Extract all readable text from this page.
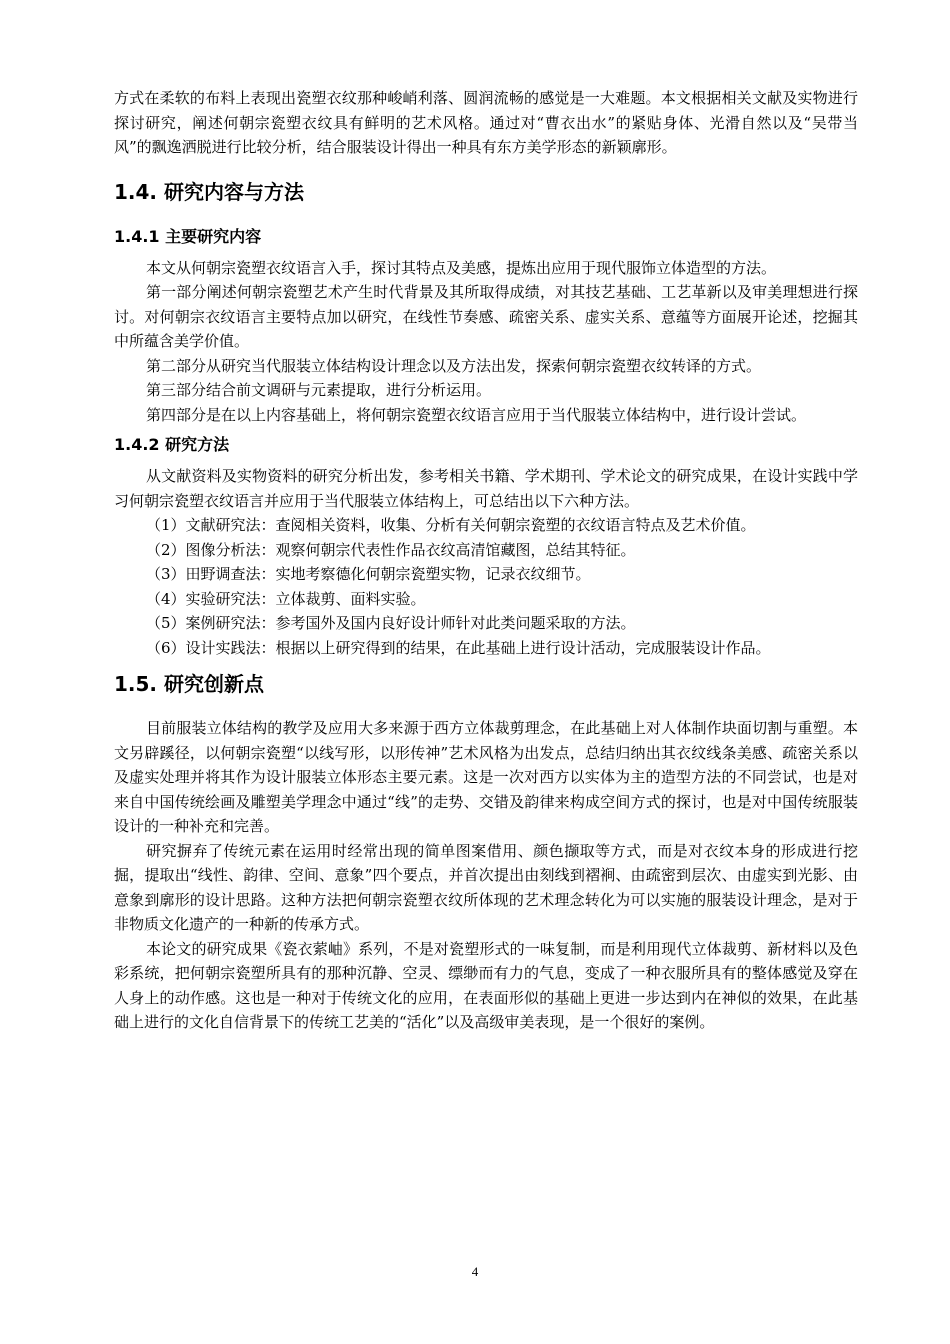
方式在柔软的布料上表现出瓷塑衣纹那种峻峭利落、圆润流畅的感觉是一大难题。本文根据相关文献及实物进行探讨研究，阐述何朝宗瓷塑衣纹具有鲜明的艺术风格。通过对“曹衣出水”的紧贴身体、光滑自然以及“吴带当风”的飘逸洒脱进行比较分析，结合服装设计得出一种具有东方美学形态的新颖廓形。

1.4. 研究内容与方法
1.4.1 主要研究内容

本文从何朝宗瓷塑衣纹语言入手，探讨其特点及美感，提炼出应用于现代服饰立体造型的方法。

第一部分阐述何朝宗瓷塑艺术产生时代背景及其所取得成绩，对其技艺基础、工艺革新以及审美理想进行探讨。对何朝宗衣纹语言主要特点加以研究，在线性节奏感、疏密关系、虚实关系、意蕴等方面展开论述，挖掘其中所蕴含美学价值。

第二部分从研究当代服装立体结构设计理念以及方法出发，探索何朝宗瓷塑衣纹转译的方式。

第三部分结合前文调研与元素提取，进行分析运用。

第四部分是在以上内容基础上，将何朝宗瓷塑衣纹语言应用于当代服装立体结构中，进行设计尝试。

1.4.2 研究方法

从文献资料及实物资料的研究分析出发，参考相关书籍、学术期刊、学术论文的研究成果，在设计实践中学习何朝宗瓷塑衣纹语言并应用于当代服装立体结构上，可总结出以下六种方法。

（1）文献研究法：查阅相关资料，收集、分析有关何朝宗瓷塑的衣纹语言特点及艺术价值。

（2）图像分析法：观察何朝宗代表性作品衣纹高清馆藏图，总结其特征。

（3）田野调查法：实地考察德化何朝宗瓷塑实物，记录衣纹细节。

（4）实验研究法：立体裁剪、面料实验。

（5）案例研究法：参考国外及国内良好设计师针对此类问题采取的方法。

（6）设计实践法：根据以上研究得到的结果，在此基础上进行设计活动，完成服装设计作品。

1.5. 研究创新点

目前服装立体结构的教学及应用大多来源于西方立体裁剪理念，在此基础上对人体制作块面切割与重塑。本文另辟蹊径，以何朝宗瓷塑“以线写形，以形传神”艺术风格为出发点，总结归纳出其衣纹线条美感、疏密关系以及虚实处理并将其作为设计服装立体形态主要元素。这是一次对西方以实体为主的造型方法的不同尝试，也是对来自中国传统绘画及雕塑美学理念中通过“线”的走势、交错及韵律来构成空间方式的探讨，也是对中国传统服装设计的一种补充和完善。

研究摒弃了传统元素在运用时经常出现的简单图案借用、颜色撷取等方式，而是对衣纹本身的形成进行挖掘，提取出“线性、韵律、空间、意象”四个要点，并首次提出由刻线到褶裥、由疏密到层次、由虚实到光影、由意象到廓形的设计思路。这种方法把何朝宗瓷塑衣纹所体现的艺术理念转化为可以实施的服装设计理念，是对于非物质文化遗产的一种新的传承方式。

本论文的研究成果《瓷衣萦岫》系列，不是对瓷塑形式的一味复制，而是利用现代立体裁剪、新材料以及色彩系统，把何朝宗瓷塑所具有的那种沉静、空灵、缥缈而有力的气息，变成了一种衣服所具有的整体感觉及穿在人身上的动作感。这也是一种对于传统文化的应用，在表面形似的基础上更进一步达到内在神似的效果，在此基础上进行的文化自信背景下的传统工艺美的“活化”以及高级审美表现，是一个很好的案例。

4
